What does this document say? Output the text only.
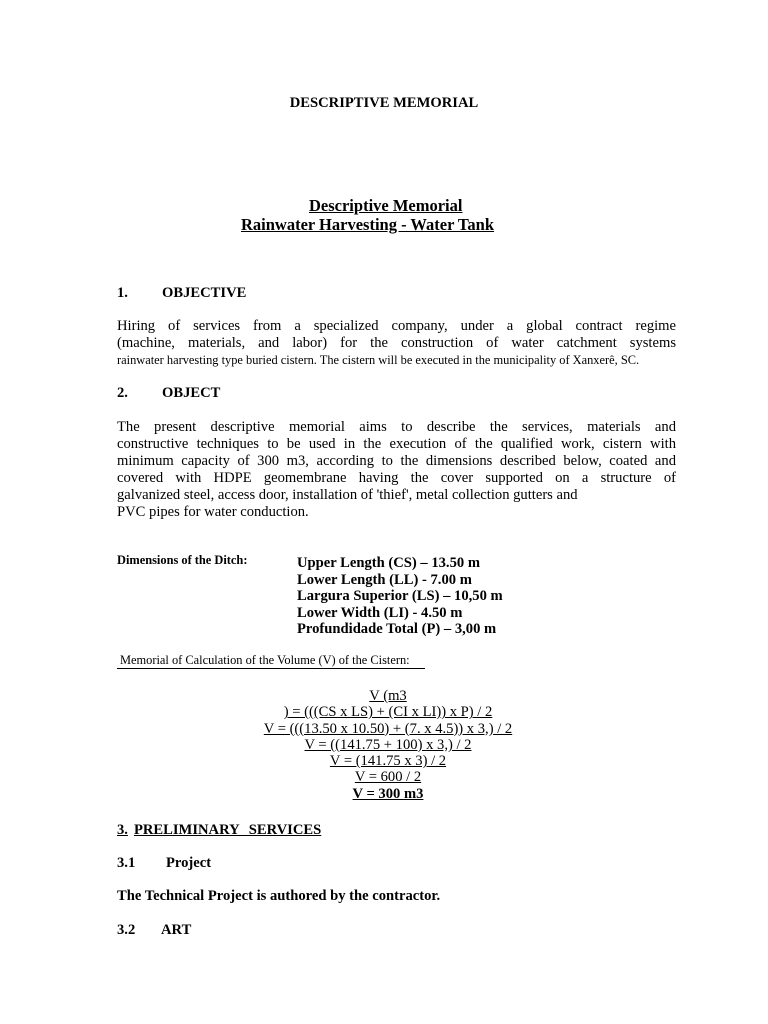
DESCRIPTIVE MEMORIAL
Descriptive Memorial
Rainwater Harvesting - Water Tank
1. OBJECTIVE
Hiring of services from a specialized company, under a global contract regime
(machine, materials, and labor) for the construction of water catchment systems
rainwater harvesting type buried cistern. The cistern will be executed in the municipality of Xanxerê, SC.
2. OBJECT
The present descriptive memorial aims to describe the services, materials and
constructive techniques to be used in the execution of the qualified work, cistern with
minimum capacity of 300 m3, according to the dimensions described below, coated and
covered with HDPE geomembrane having the cover supported on a structure of
galvanized steel, access door, installation of 'thief', metal collection gutters and
PVC pipes for water conduction.
Dimensions of the Ditch:	Upper Length (CS) – 13.50 m
Lower Length (LL) - 7.00 m
Largura Superior (LS) – 10,50 m
Lower Width (LI) - 4.50 m
Profundidade Total (P) – 3,00 m
Memorial of Calculation of the Volume (V) of the Cistern:
V (m3
) = (((CS x LS) + (CI x LI)) x P) / 2
V = (((13.50 x 10.50) + (7. x 4.5)) x 3,) / 2
V = ((141.75 + 100) x 3,) / 2
V = (141.75 x 3) / 2
V = 600 / 2
V = 300 m3
3. PRELIMINARY SERVICES
3.1 Project
The Technical Project is authored by the contractor.
3.2 ART
